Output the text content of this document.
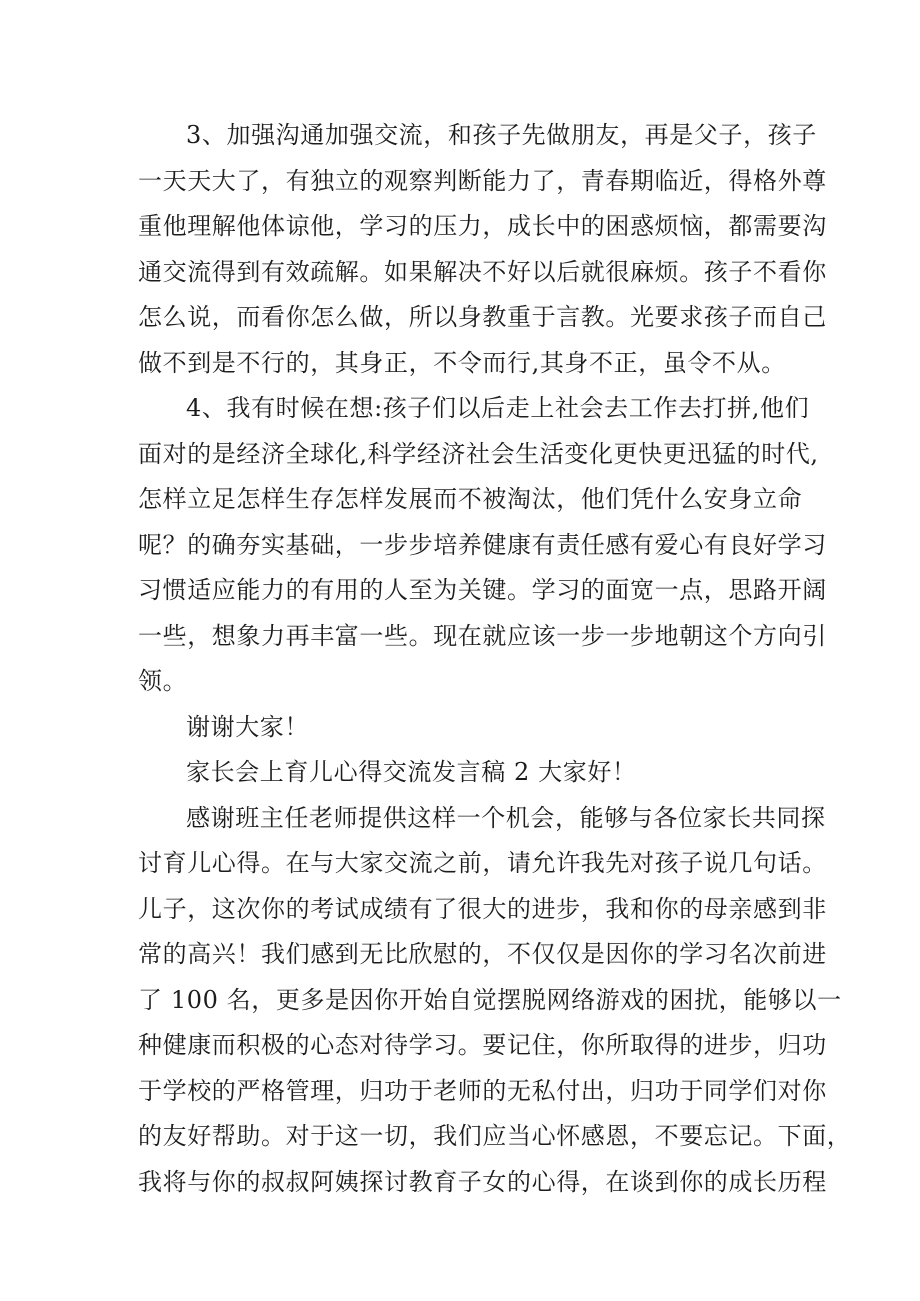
3、加强沟通加强交流，和孩子先做朋友，再是父子，孩子
一天天大了，有独立的观察判断能力了，青春期临近，得格外尊
重他理解他体谅他，学习的压力，成长中的困惑烦恼，都需要沟
通交流得到有效疏解。如果解决不好以后就很麻烦。孩子不看你
怎么说，而看你怎么做，所以身教重于言教。光要求孩子而自己
做不到是不行的，其身正，不令而行,其身不正，虽令不从。
4、我有时候在想:孩子们以后走上社会去工作去打拼,他们
面对的是经济全球化,科学经济社会生活变化更快更迅猛的时代,
怎样立足怎样生存怎样发展而不被淘汰，他们凭什么安身立命
呢？的确夯实基础，一步步培养健康有责任感有爱心有良好学习
习惯适应能力的有用的人至为关键。学习的面宽一点，思路开阔
一些，想象力再丰富一些。现在就应该一步一步地朝这个方向引
领。
谢谢大家！
家长会上育儿心得交流发言稿 2 大家好！
感谢班主任老师提供这样一个机会，能够与各位家长共同探
讨育儿心得。在与大家交流之前，请允许我先对孩子说几句话。
儿子，这次你的考试成绩有了很大的进步，我和你的母亲感到非
常的高兴！我们感到无比欣慰的，不仅仅是因你的学习名次前进
了 100 名，更多是因你开始自觉摆脱网络游戏的困扰，能够以一
种健康而积极的心态对待学习。要记住，你所取得的进步，归功
于学校的严格管理，归功于老师的无私付出，归功于同学们对你
的友好帮助。对于这一切，我们应当心怀感恩，不要忘记。下面，
我将与你的叔叔阿姨探讨教育子女的心得，在谈到你的成长历程
